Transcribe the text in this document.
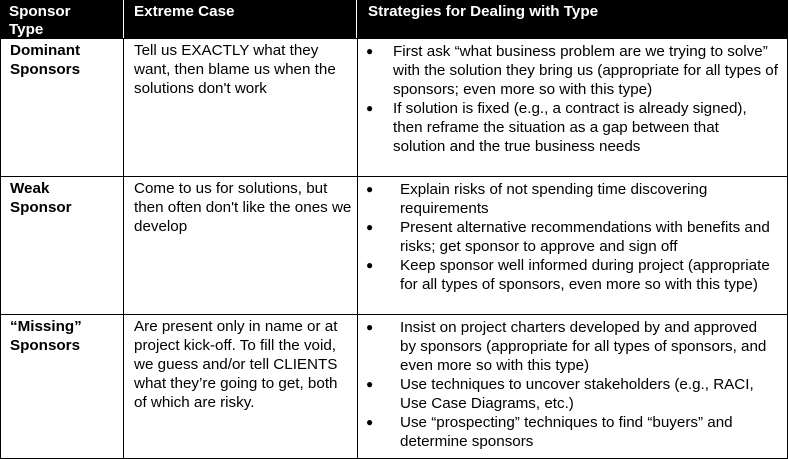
Sponsor Type
Extreme Case	Strategies for Dealing with Type
Dominant Sponsors
Tell us EXACTLY what they want, then blame us when the solutions don't work
● First ask “what business problem are we trying to solve” with the solution they bring us (appropriate for all types of sponsors; even more so with this type)
● If solution is fixed (e.g., a contract is already signed), then reframe the situation as a gap between that solution and the true business needs
Weak Sponsor
Come to us for solutions, but then often don't like the ones we develop
● Explain risks of not spending time discovering requirements
● Present alternative recommendations with benefits and risks; get sponsor to approve and sign off
● Keep sponsor well informed during project (appropriate for all types of sponsors, even more so with this type)
“Missing” Sponsors
Are present only in name or at project kick-off. To fill the void, we guess and/or tell CLIENTS what they’re going to get, both of which are risky.
● Insist on project charters developed by and approved by sponsors (appropriate for all types of sponsors, and even more so with this type)
● Use techniques to uncover stakeholders (e.g., RACI, Use Case Diagrams, etc.)
● Use “prospecting” techniques to find “buyers” and determine sponsors
